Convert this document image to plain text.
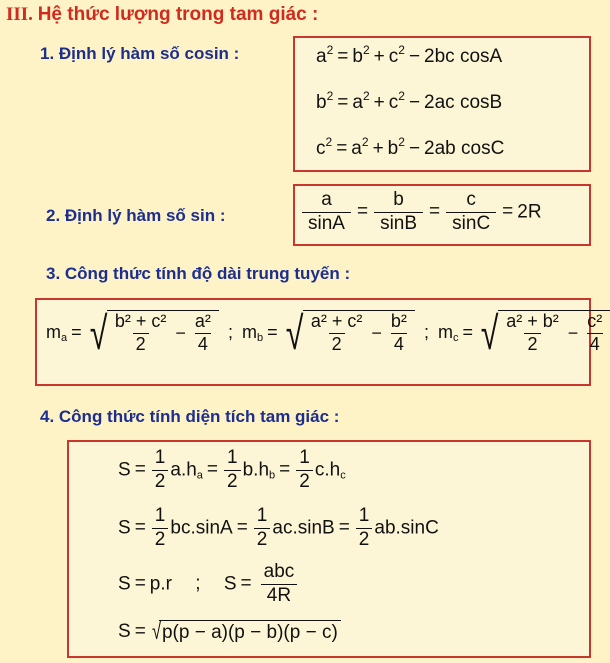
III. Hệ thức lượng trong tam giác :
1. Định lý hàm số cosin :	$a^2 = b^2 + c^2 - 2bc$ cosA
$b^2 = a^2 + c^2 - 2ac$ cosB
$c^2 = a^2 + b^2 - 2ab$ cosC
2. Định lý hàm số sin :	$\frac{a}{\sin A} = \frac{b}{\sin B} = \frac{c}{\sin C} = 2R$
3. Công thức tính độ dài trung tuyến :
$m_a$ = √ $\frac{\text{b² + c²}}{2} - \frac{\text{a²}}{4}$ ; $m_b$ = √ $\frac{\text{a² + c²}}{2} - \frac{\text{b²}}{4}$ ; $m_c$ = √ $\frac{\text{a² + b²}}{2} - \frac{\text{c²}}{4}$
4. Công thức tính diện tích tam giác :
$S = \frac{1}{2} a.h_a = \frac{1}{2} b.h_b = \frac{1}{2} c.h_c$
$S = \frac{1}{2} bc.\sin A = \frac{1}{2} ac.\sin B = \frac{1}{2} ab.\sin C$
S = p.r ; $S = \frac{\text{abc}}{4R}$
S = √ p(p − a)(p − b)(p − c)
